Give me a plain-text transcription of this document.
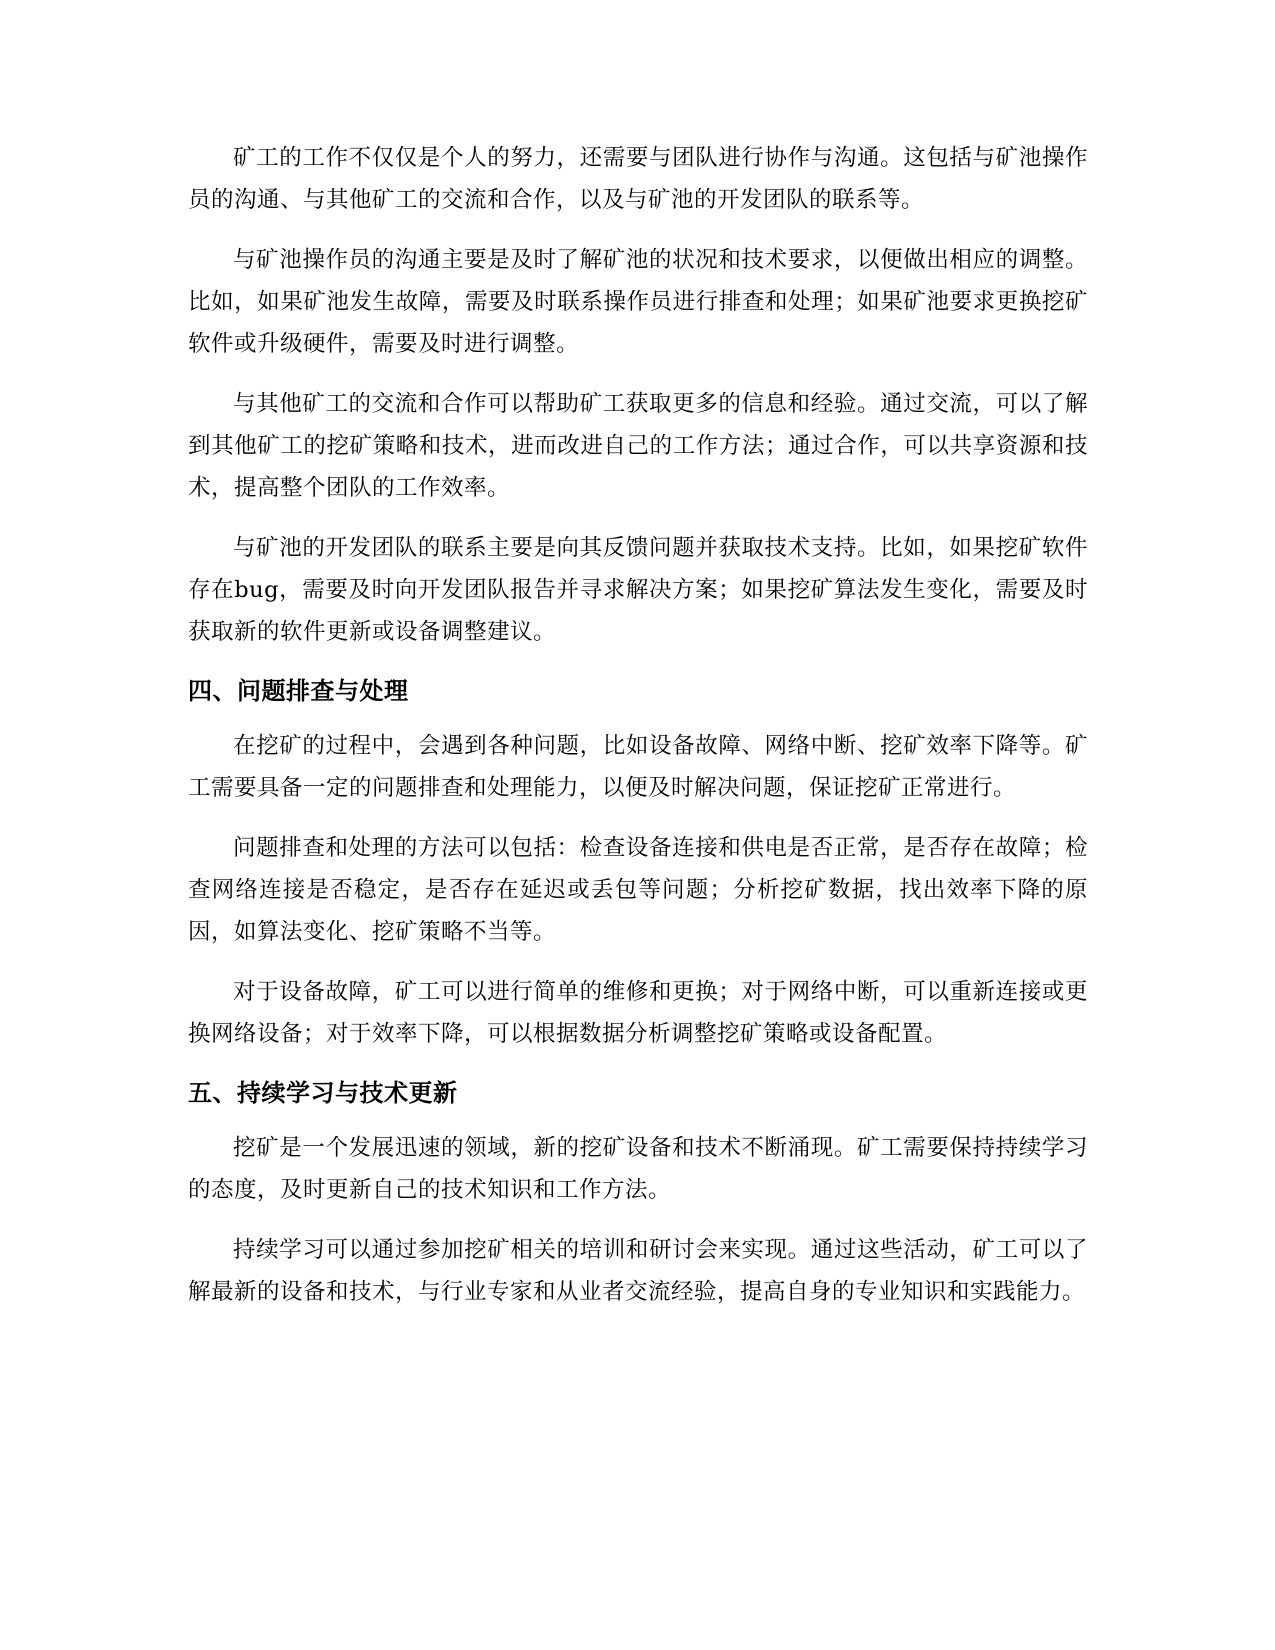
矿工的工作不仅仅是个人的努力，还需要与团队进行协作与沟通。这包括与矿池操作员的沟通、与其他矿工的交流和合作，以及与矿池的开发团队的联系等。

与矿池操作员的沟通主要是及时了解矿池的状况和技术要求，以便做出相应的调整。比如，如果矿池发生故障，需要及时联系操作员进行排查和处理；如果矿池要求更换挖矿软件或升级硬件，需要及时进行调整。

与其他矿工的交流和合作可以帮助矿工获取更多的信息和经验。通过交流，可以了解到其他矿工的挖矿策略和技术，进而改进自己的工作方法；通过合作，可以共享资源和技术，提高整个团队的工作效率。

与矿池的开发团队的联系主要是向其反馈问题并获取技术支持。比如，如果挖矿软件存在bug，需要及时向开发团队报告并寻求解决方案；如果挖矿算法发生变化，需要及时获取新的软件更新或设备调整建议。

四、问题排查与处理

在挖矿的过程中，会遇到各种问题，比如设备故障、网络中断、挖矿效率下降等。矿工需要具备一定的问题排查和处理能力，以便及时解决问题，保证挖矿正常进行。

问题排查和处理的方法可以包括：检查设备连接和供电是否正常，是否存在故障；检查网络连接是否稳定，是否存在延迟或丢包等问题；分析挖矿数据，找出效率下降的原因，如算法变化、挖矿策略不当等。

对于设备故障，矿工可以进行简单的维修和更换；对于网络中断，可以重新连接或更换网络设备；对于效率下降，可以根据数据分析调整挖矿策略或设备配置。

五、持续学习与技术更新

挖矿是一个发展迅速的领域，新的挖矿设备和技术不断涌现。矿工需要保持持续学习的态度，及时更新自己的技术知识和工作方法。

持续学习可以通过参加挖矿相关的培训和研讨会来实现。通过这些活动，矿工可以了解最新的设备和技术，与行业专家和从业者交流经验，提高自身的专业知识和实践能力。
